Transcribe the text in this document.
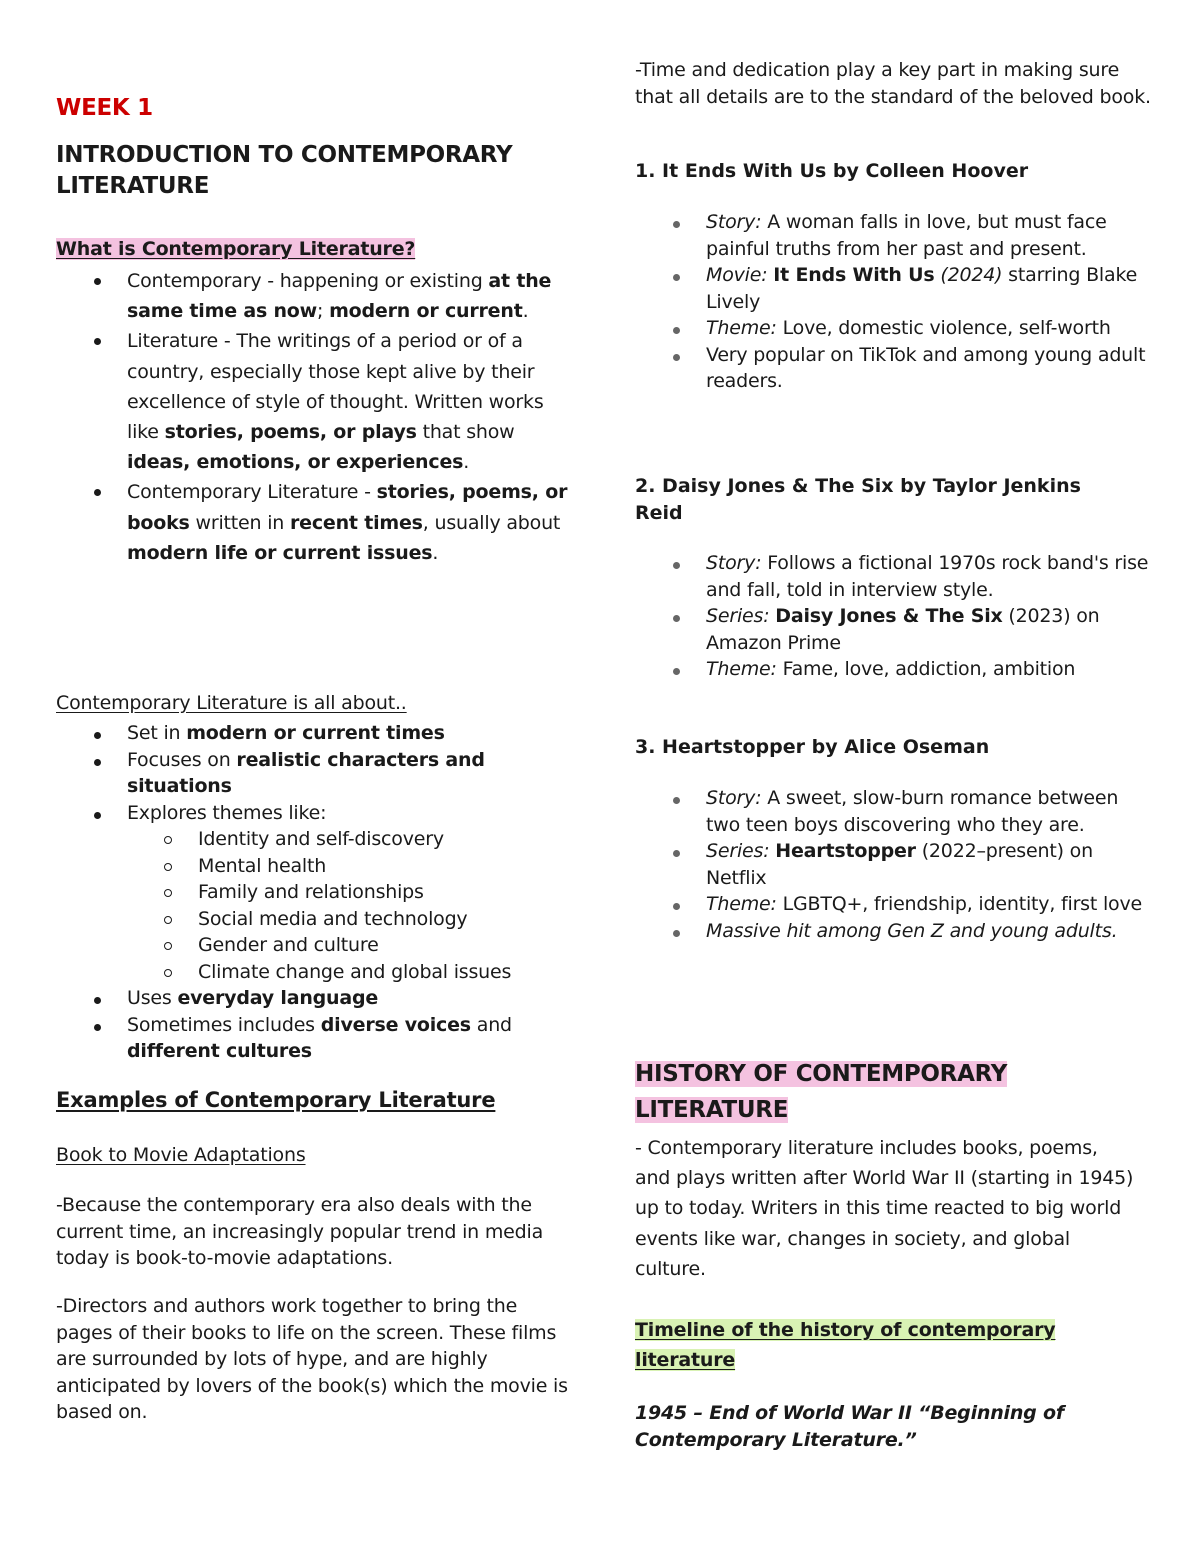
WEEK 1
INTRODUCTION TO CONTEMPORARY
LITERATURE
What is Contemporary Literature?
Contemporary - happening or existing at the same time as now; modern or current.
Literature - The writings of a period or of a country, especially those kept alive by their excellence of style of thought. Written works like stories, poems, or plays that show ideas, emotions, or experiences.
Contemporary Literature - stories, poems, or books written in recent times, usually about modern life or current issues.
Contemporary Literature is all about..
Set in modern or current times
Focuses on realistic characters and situations
Explores themes like:
Identity and self-discovery
Mental health
Family and relationships
Social media and technology
Gender and culture
Climate change and global issues
Uses everyday language
Sometimes includes diverse voices and different cultures
Examples of Contemporary Literature
Book to Movie Adaptations

-Because the contemporary era also deals with the current time, an increasingly popular trend in media today is book-to-movie adaptations.

-Directors and authors work together to bring the pages of their books to life on the screen. These films are surrounded by lots of hype, and are highly anticipated by lovers of the book(s) which the movie is based on.

-Time and dedication play a key part in making sure that all details are to the standard of the beloved book.

1. It Ends With Us by Colleen Hoover
Story: A woman falls in love, but must face painful truths from her past and present.
Movie: It Ends With Us (2024) starring Blake Lively
Theme: Love, domestic violence, self-worth
Very popular on TikTok and among young adult readers.
2. Daisy Jones & The Six by Taylor Jenkins Reid
Story: Follows a fictional 1970s rock band's rise and fall, told in interview style.
Series: Daisy Jones & The Six (2023) on Amazon Prime
Theme: Fame, love, addiction, ambition
3. Heartstopper by Alice Oseman
Story: A sweet, slow-burn romance between two teen boys discovering who they are.
Series: Heartstopper (2022–present) on Netflix
Theme: LGBTQ+, friendship, identity, first love
Massive hit among Gen Z and young adults.
HISTORY OF CONTEMPORARY
LITERATURE

- Contemporary literature includes books, poems, and plays written after World War II (starting in 1945) up to today. Writers in this time reacted to big world events like war, changes in society, and global culture.

Timeline of the history of contemporary literature
1945 – End of World War II “Beginning of Contemporary Literature.”
